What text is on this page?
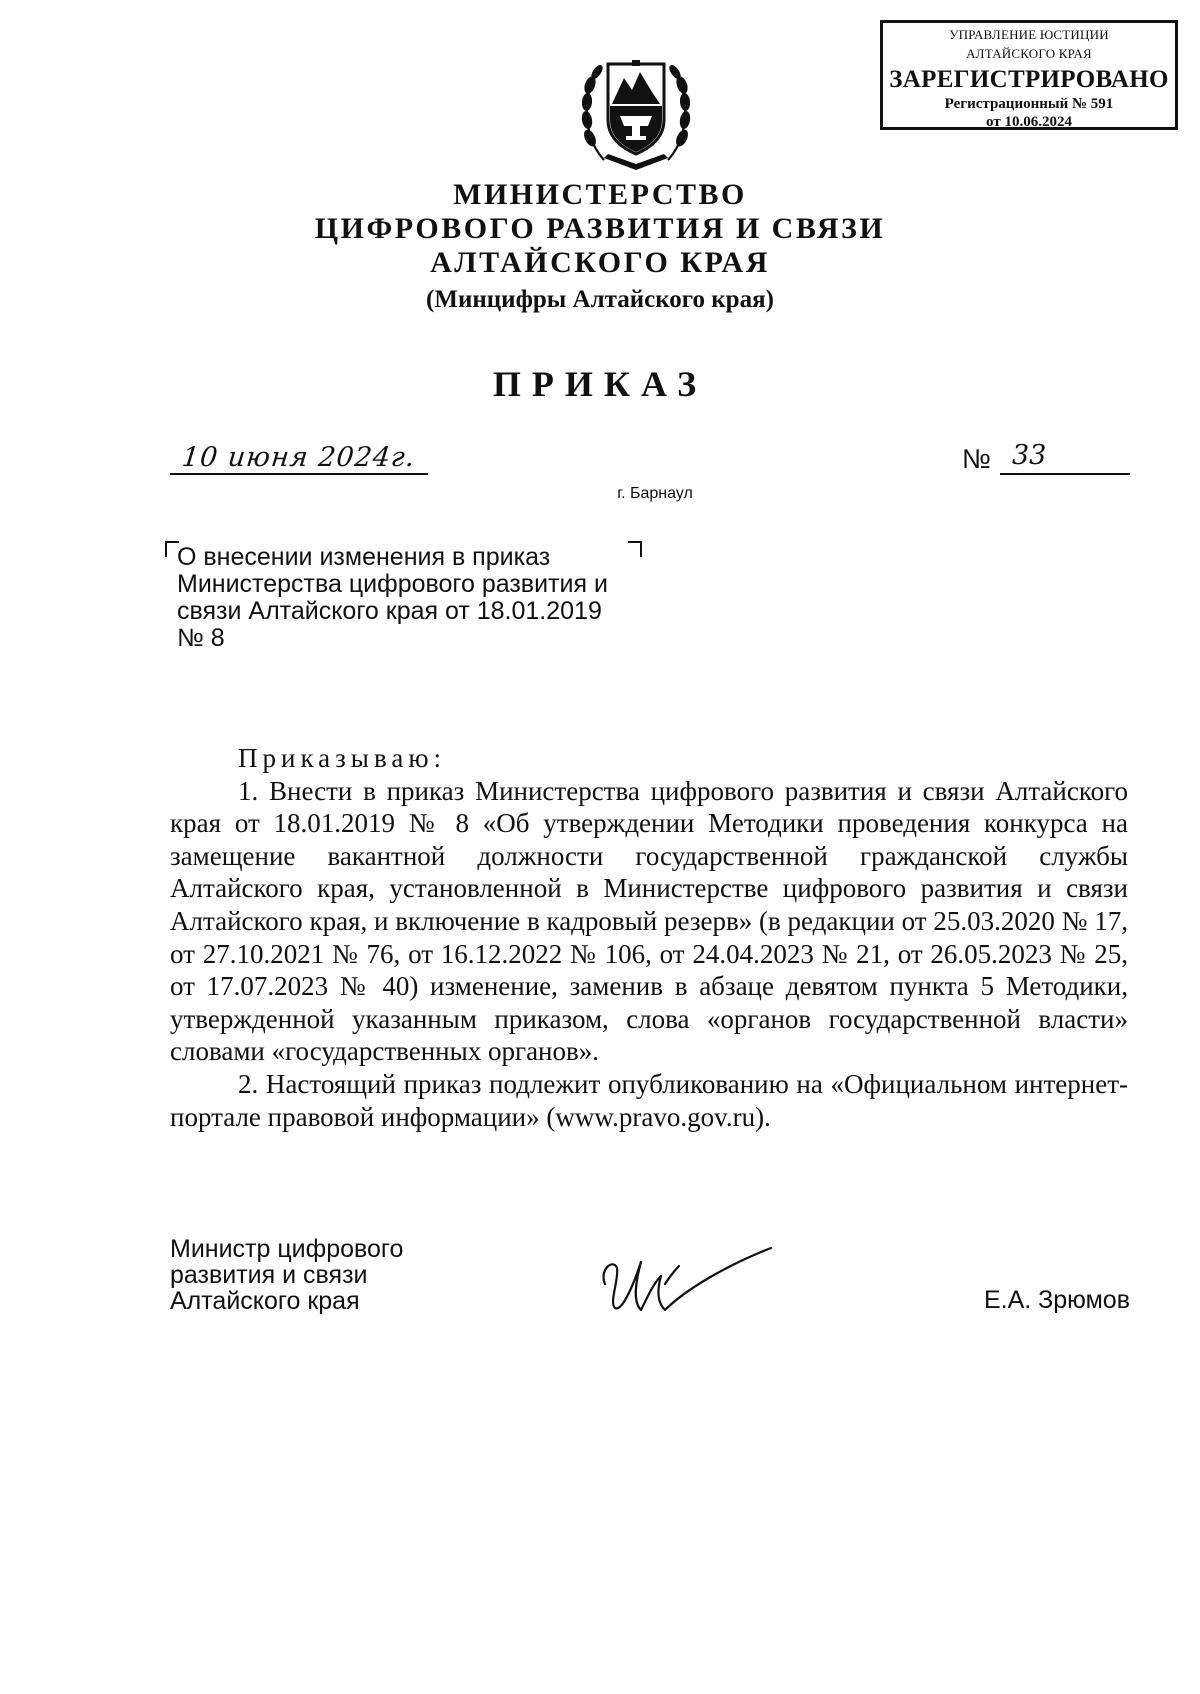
УПРАВЛЕНИЕ ЮСТИЦИИ
АЛТАЙСКОГО КРАЯ
ЗАРЕГИСТРИРОВАНО
Регистрационный № 591
от 10.06.2024
МИНИСТЕРСТВО
ЦИФРОВОГО РАЗВИТИЯ И СВЯЗИ
АЛТАЙСКОГО КРАЯ
(Минцифры Алтайского края)
ПРИКАЗ
10 июня 2024г.	№ 33
г. Барнаул
О внесении изменения в приказ
Министерства цифрового развития и
связи Алтайского края от 18.01.2019
№ 8

Приказываю:

1. Внести в приказ Министерства цифрового развития и связи Алтайского края от 18.01.2019 № 8 «Об утверждении Методики проведения конкурса на замещение вакантной должности государственной гражданской службы Алтайского края, установленной в Министерстве цифрового развития и связи Алтайского края, и включение в кадровый резерв» (в редакции от 25.03.2020 № 17, от 27.10.2021 № 76, от 16.12.2022 № 106, от 24.04.2023 № 21, от 26.05.2023 № 25, от 17.07.2023 № 40) изменение, заменив в абзаце девятом пункта 5 Методики, утвержденной указанным приказом, слова «органов государственной власти» словами «государственных органов».

2. Настоящий приказ подлежит опубликованию на «Официальном интернет-портале правовой информации» (www.pravo.gov.ru).

Министр цифрового
развития и связи
Алтайского края	Е.А. Зрюмов
